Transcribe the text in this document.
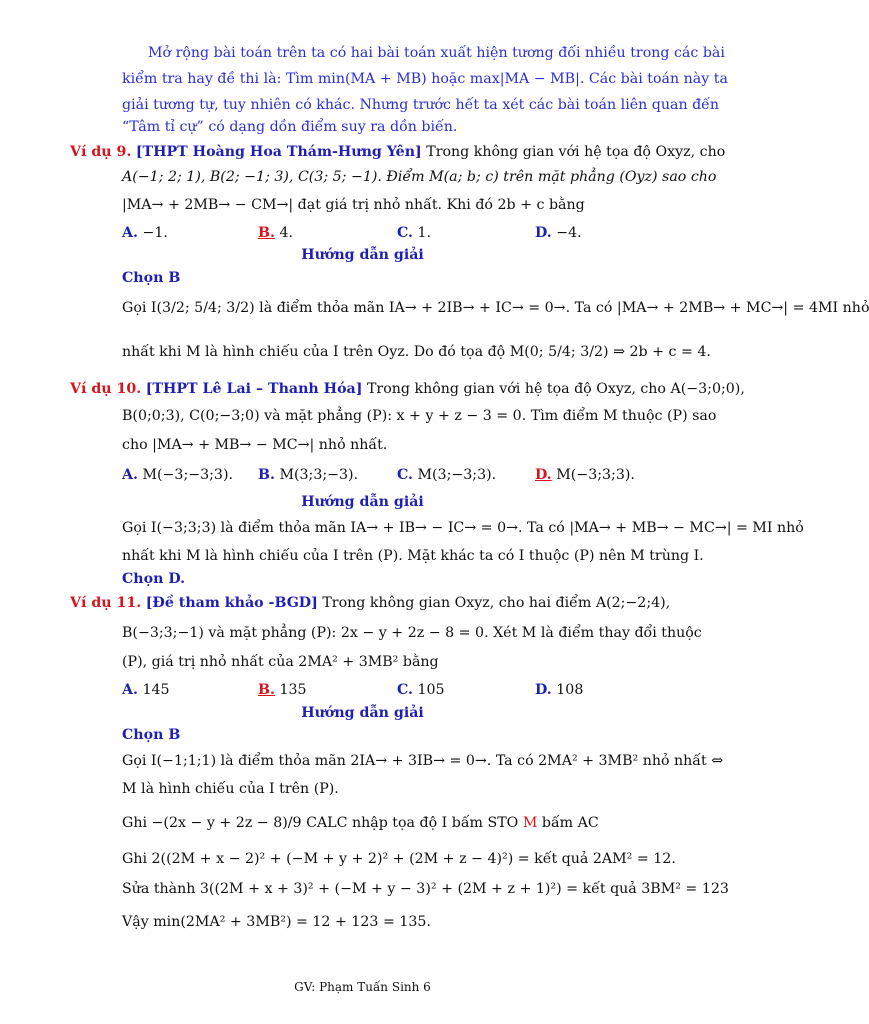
Mở rộng bài toán trên ta có hai bài toán xuất hiện tương đối nhiều trong các bài
kiểm tra hay đề thi là: Tìm min(MA + MB) hoặc max|MA − MB|. Các bài toán này ta
giải tương tự, tuy nhiên có khác. Nhưng trước hết ta xét các bài toán liên quan đến
“Tâm tỉ cự” có dạng dồn điểm suy ra dồn biến.
Ví dụ 9. [THPT Hoàng Hoa Thám-Hưng Yên] Trong không gian với hệ tọa độ Oxyz, cho
A(−1; 2; 1), B(2; −1; 3), C(3; 5; −1). Điểm M(a; b; c) trên mặt phẳng (Oyz) sao cho
|MA→ + 2MB→ − CM→| đạt giá trị nhỏ nhất. Khi đó 2b + c bằng
A. −1.	B. 4.	C. 1.	D. −4.
Hướng dẫn giải
Chọn B
Gọi I(3/2; 5/4; 3/2) là điểm thỏa mãn IA→ + 2IB→ + IC→ = 0→. Ta có |MA→ + 2MB→ + MC→| = 4MI nhỏ
nhất khi M là hình chiếu của I trên Oyz. Do đó tọa độ M(0; 5/4; 3/2) ⇒ 2b + c = 4.
Ví dụ 10. [THPT Lê Lai – Thanh Hóa] Trong không gian với hệ tọa độ Oxyz, cho A(−3;0;0),
B(0;0;3), C(0;−3;0) và mặt phẳng (P): x + y + z − 3 = 0. Tìm điểm M thuộc (P) sao
cho |MA→ + MB→ − MC→| nhỏ nhất.
A. M(−3;−3;3). B. M(3;3;−3).	C. M(3;−3;3).	D. M(−3;3;3).
Hướng dẫn giải
Gọi I(−3;3;3) là điểm thỏa mãn IA→ + IB→ − IC→ = 0→. Ta có |MA→ + MB→ − MC→| = MI nhỏ
nhất khi M là hình chiếu của I trên (P). Mặt khác ta có I thuộc (P) nên M trùng I.
Chọn D.
Ví dụ 11. [Đề tham khảo -BGD] Trong không gian Oxyz, cho hai điểm A(2;−2;4),
B(−3;3;−1) và mặt phẳng (P): 2x − y + 2z − 8 = 0. Xét M là điểm thay đổi thuộc
(P), giá trị nhỏ nhất của 2MA² + 3MB² bằng
A. 145	B. 135	C. 105	D. 108
Hướng dẫn giải
Chọn B
Gọi I(−1;1;1) là điểm thỏa mãn 2IA→ + 3IB→ = 0→. Ta có 2MA² + 3MB² nhỏ nhất ⇔
M là hình chiếu của I trên (P).
Ghi −(2x − y + 2z − 8)/9 CALC nhập tọa độ I bấm STO M bấm AC
Ghi 2((2M + x − 2)² + (−M + y + 2)² + (2M + z − 4)²) = kết quả 2AM² = 12.
Sửa thành 3((2M + x + 3)² + (−M + y − 3)² + (2M + z + 1)²) = kết quả 3BM² = 123
Vậy min(2MA² + 3MB²) = 12 + 123 = 135.
GV: Phạm Tuấn Sinh 6
